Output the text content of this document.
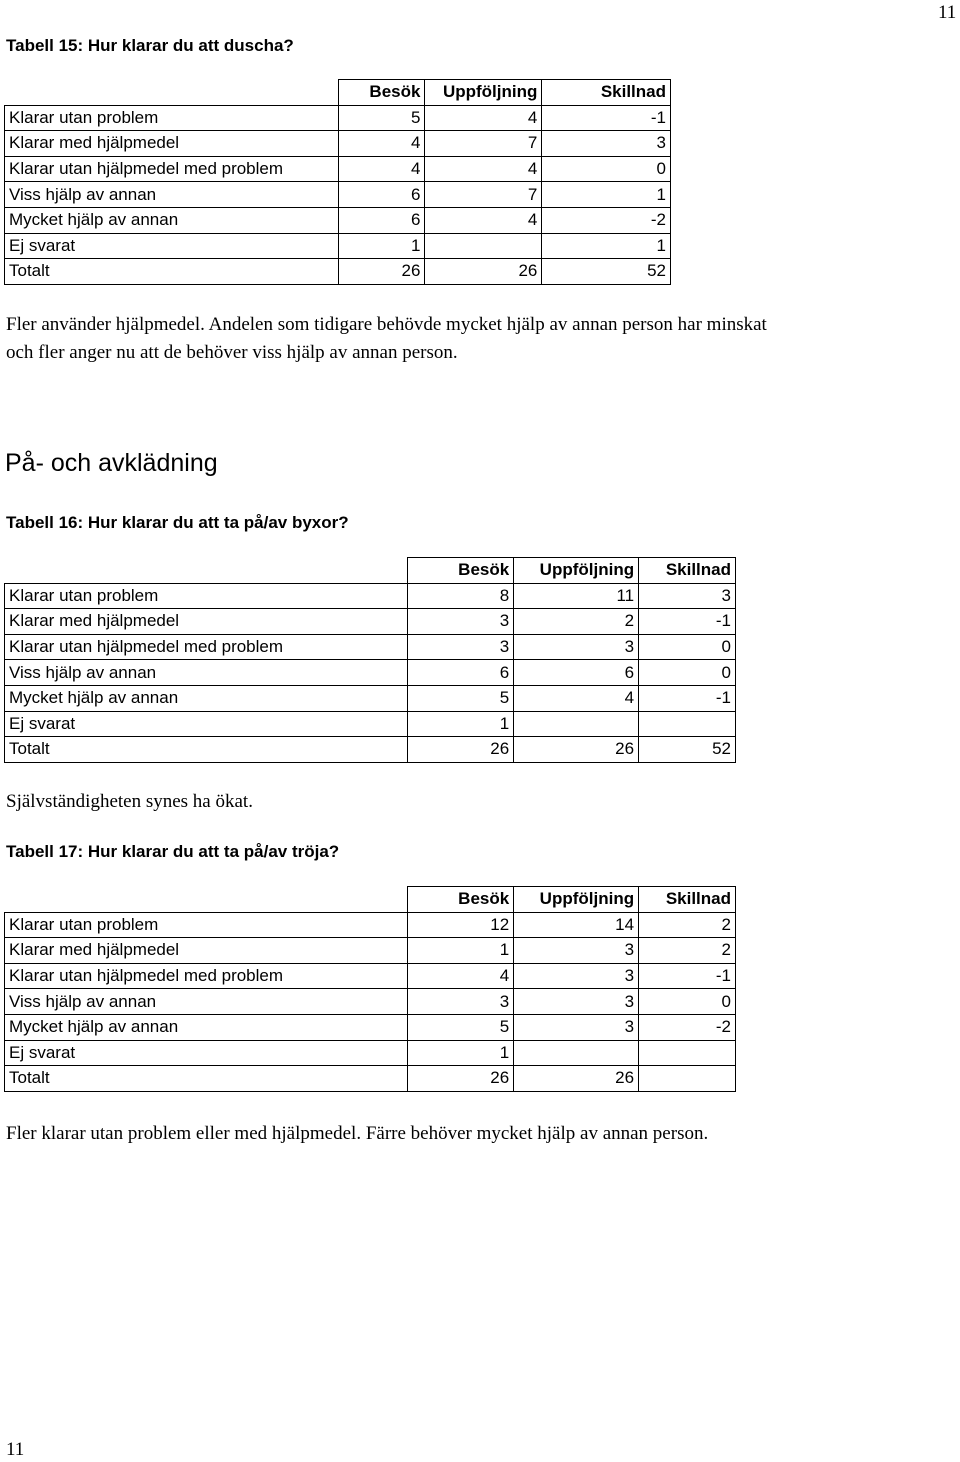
11
Tabell 15: Hur klarar du att duscha?
	Besök	Uppföljning	Skillnad
Klarar utan problem	5	4	-1
Klarar med hjälpmedel	4	7	3
Klarar utan hjälpmedel med problem	4	4	0
Viss hjälp av annan	6	7	1
Mycket hjälp av annan	6	4	-2
Ej svarat	1		1
Totalt	26	26	52
Fler använder hjälpmedel. Andelen som tidigare behövde mycket hjälp av annan person har minskat
och fler anger nu att de behöver viss hjälp av annan person.
På- och avklädning
Tabell 16: Hur klarar du att ta på/av byxor?
	Besök	Uppföljning	Skillnad
Klarar utan problem	8	11	3
Klarar med hjälpmedel	3	2	-1
Klarar utan hjälpmedel med problem	3	3	0
Viss hjälp av annan	6	6	0
Mycket hjälp av annan	5	4	-1
Ej svarat	1		
Totalt	26	26	52
Självständigheten synes ha ökat.
Tabell 17: Hur klarar du att ta på/av tröja?
	Besök	Uppföljning	Skillnad
Klarar utan problem	12	14	2
Klarar med hjälpmedel	1	3	2
Klarar utan hjälpmedel med problem	4	3	-1
Viss hjälp av annan	3	3	0
Mycket hjälp av annan	5	3	-2
Ej svarat	1		
Totalt	26	26	
Fler klarar utan problem eller med hjälpmedel. Färre behöver mycket hjälp av annan person.
11
